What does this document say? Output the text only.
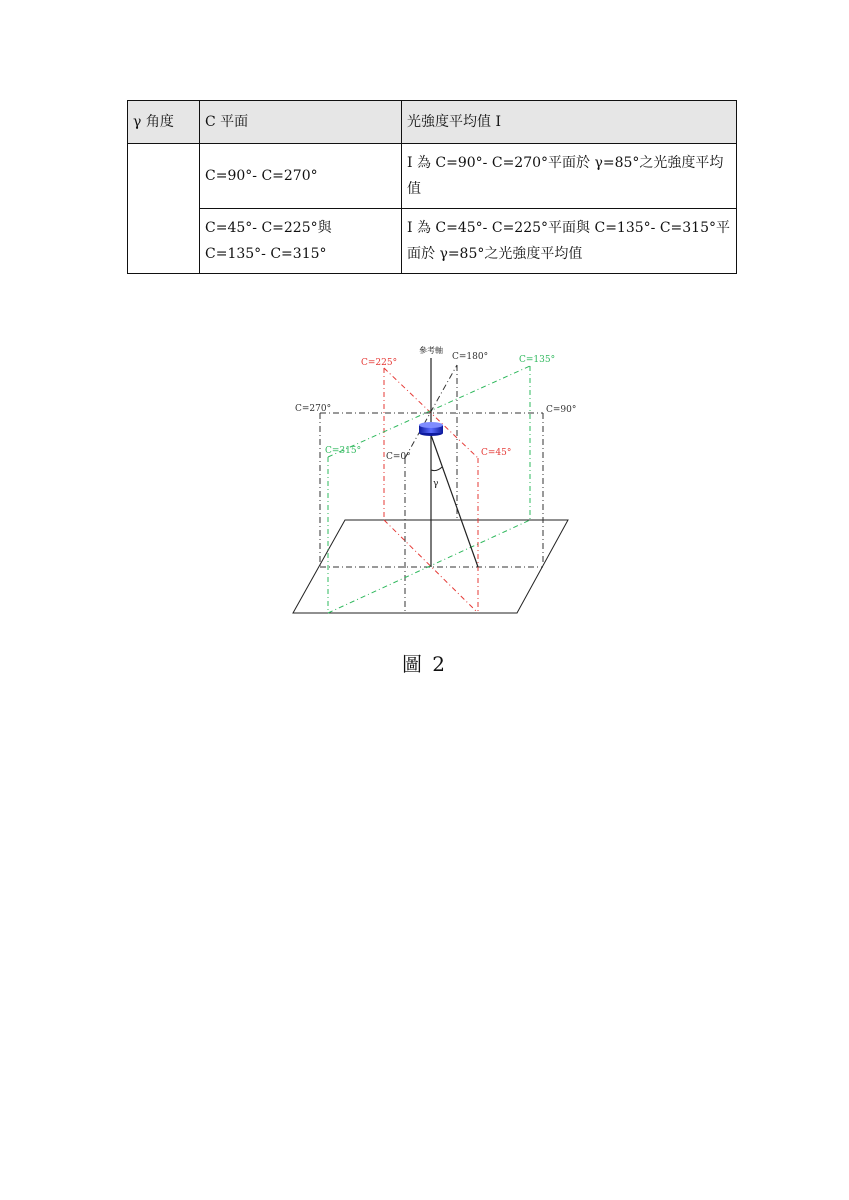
γ 角度	C 平面	光強度平均值 I
	C=90°- C=270°	I 為 C=90°- C=270°平面於 γ=85°之光強度平均值
	C=45°- C=225°與 C=135°- C=315°	I 為 C=45°- C=225°平面與 C=135°- C=315°平面於 γ=85°之光強度平均值
參考軸
C=180°
C=225°	C=135°
C=270°	C=90°
C=315°
C=0°	C=45°
γ
圖 2
